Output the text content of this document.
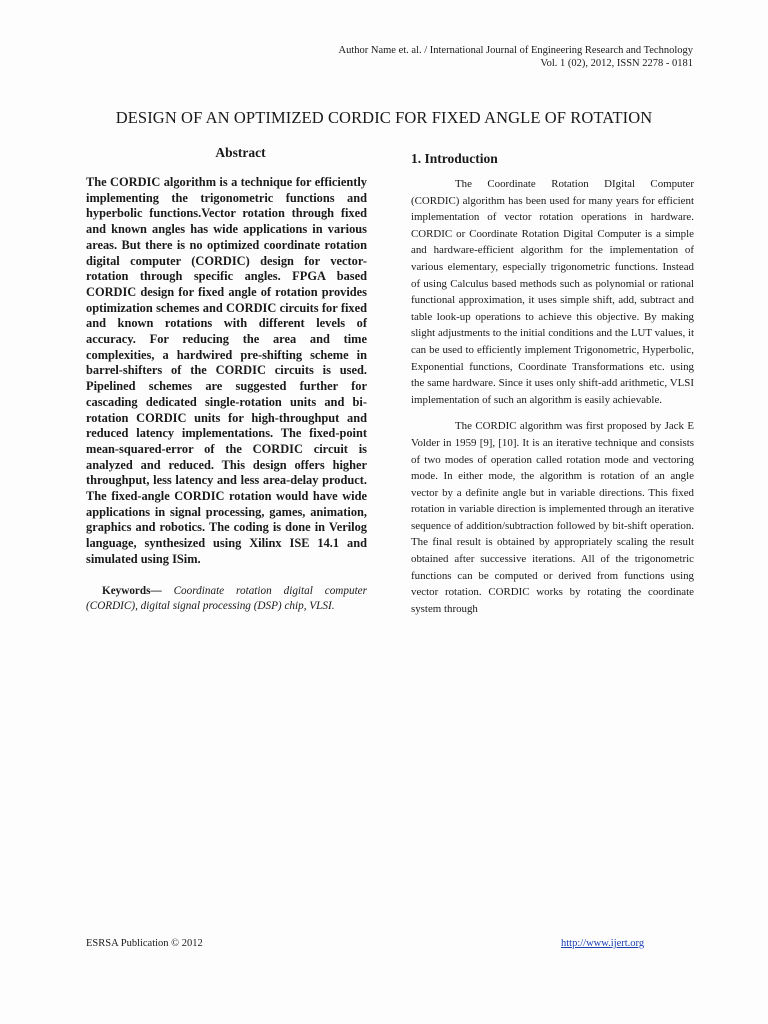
Author Name et. al. / International Journal of Engineering Research and Technology
Vol. 1 (02), 2012, ISSN 2278 - 0181
DESIGN OF AN OPTIMIZED CORDIC FOR FIXED ANGLE OF ROTATION
Abstract

The CORDIC algorithm is a technique for efficiently implementing the trigonometric functions and hyperbolic functions.Vector rotation through fixed and known angles has wide applications in various areas. But there is no optimized coordinate rotation digital computer (CORDIC) design for vector-rotation through specific angles. FPGA based CORDIC design for fixed angle of rotation provides optimization schemes and CORDIC circuits for fixed and known rotations with different levels of accuracy. For reducing the area and time complexities, a hardwired pre-shifting scheme in barrel-shifters of the CORDIC circuits is used. Pipelined schemes are suggested further for cascading dedicated single-rotation units and bi-rotation CORDIC units for high-throughput and reduced latency implementations. The fixed-point mean-squared-error of the CORDIC circuit is analyzed and reduced. This design offers higher throughput, less latency and less area-delay product. The fixed-angle CORDIC rotation would have wide applications in signal processing, games, animation, graphics and robotics. The coding is done in Verilog language, synthesized using Xilinx ISE 14.1 and simulated using ISim.

Keywords— Coordinate rotation digital computer (CORDIC), digital signal processing (DSP) chip, VLSI.

1. Introduction

The Coordinate Rotation DIgital Computer (CORDIC) algorithm has been used for many years for efficient implementation of vector rotation operations in hardware. CORDIC or Coordinate Rotation Digital Computer is a simple and hardware-efficient algorithm for the implementation of various elementary, especially trigonometric functions. Instead of using Calculus based methods such as polynomial or rational functional approximation, it uses simple shift, add, subtract and table look-up operations to achieve this objective. By making slight adjustments to the initial conditions and the LUT values, it can be used to efficiently implement Trigonometric, Hyperbolic, Exponential functions, Coordinate Transformations etc. using the same hardware. Since it uses only shift-add arithmetic, VLSI implementation of such an algorithm is easily achievable.

The CORDIC algorithm was first proposed by Jack E Volder in 1959 [9], [10]. It is an iterative technique and consists of two modes of operation called rotation mode and vectoring mode. In either mode, the algorithm is rotation of an angle vector by a definite angle but in variable directions. This fixed rotation in variable direction is implemented through an iterative sequence of addition/subtraction followed by bit-shift operation. The final result is obtained by appropriately scaling the result obtained after successive iterations. All of the trigonometric functions can be computed or derived from functions using vector rotation. CORDIC works by rotating the coordinate system through

ESRSA Publication © 2012	http://www.ijert.org
